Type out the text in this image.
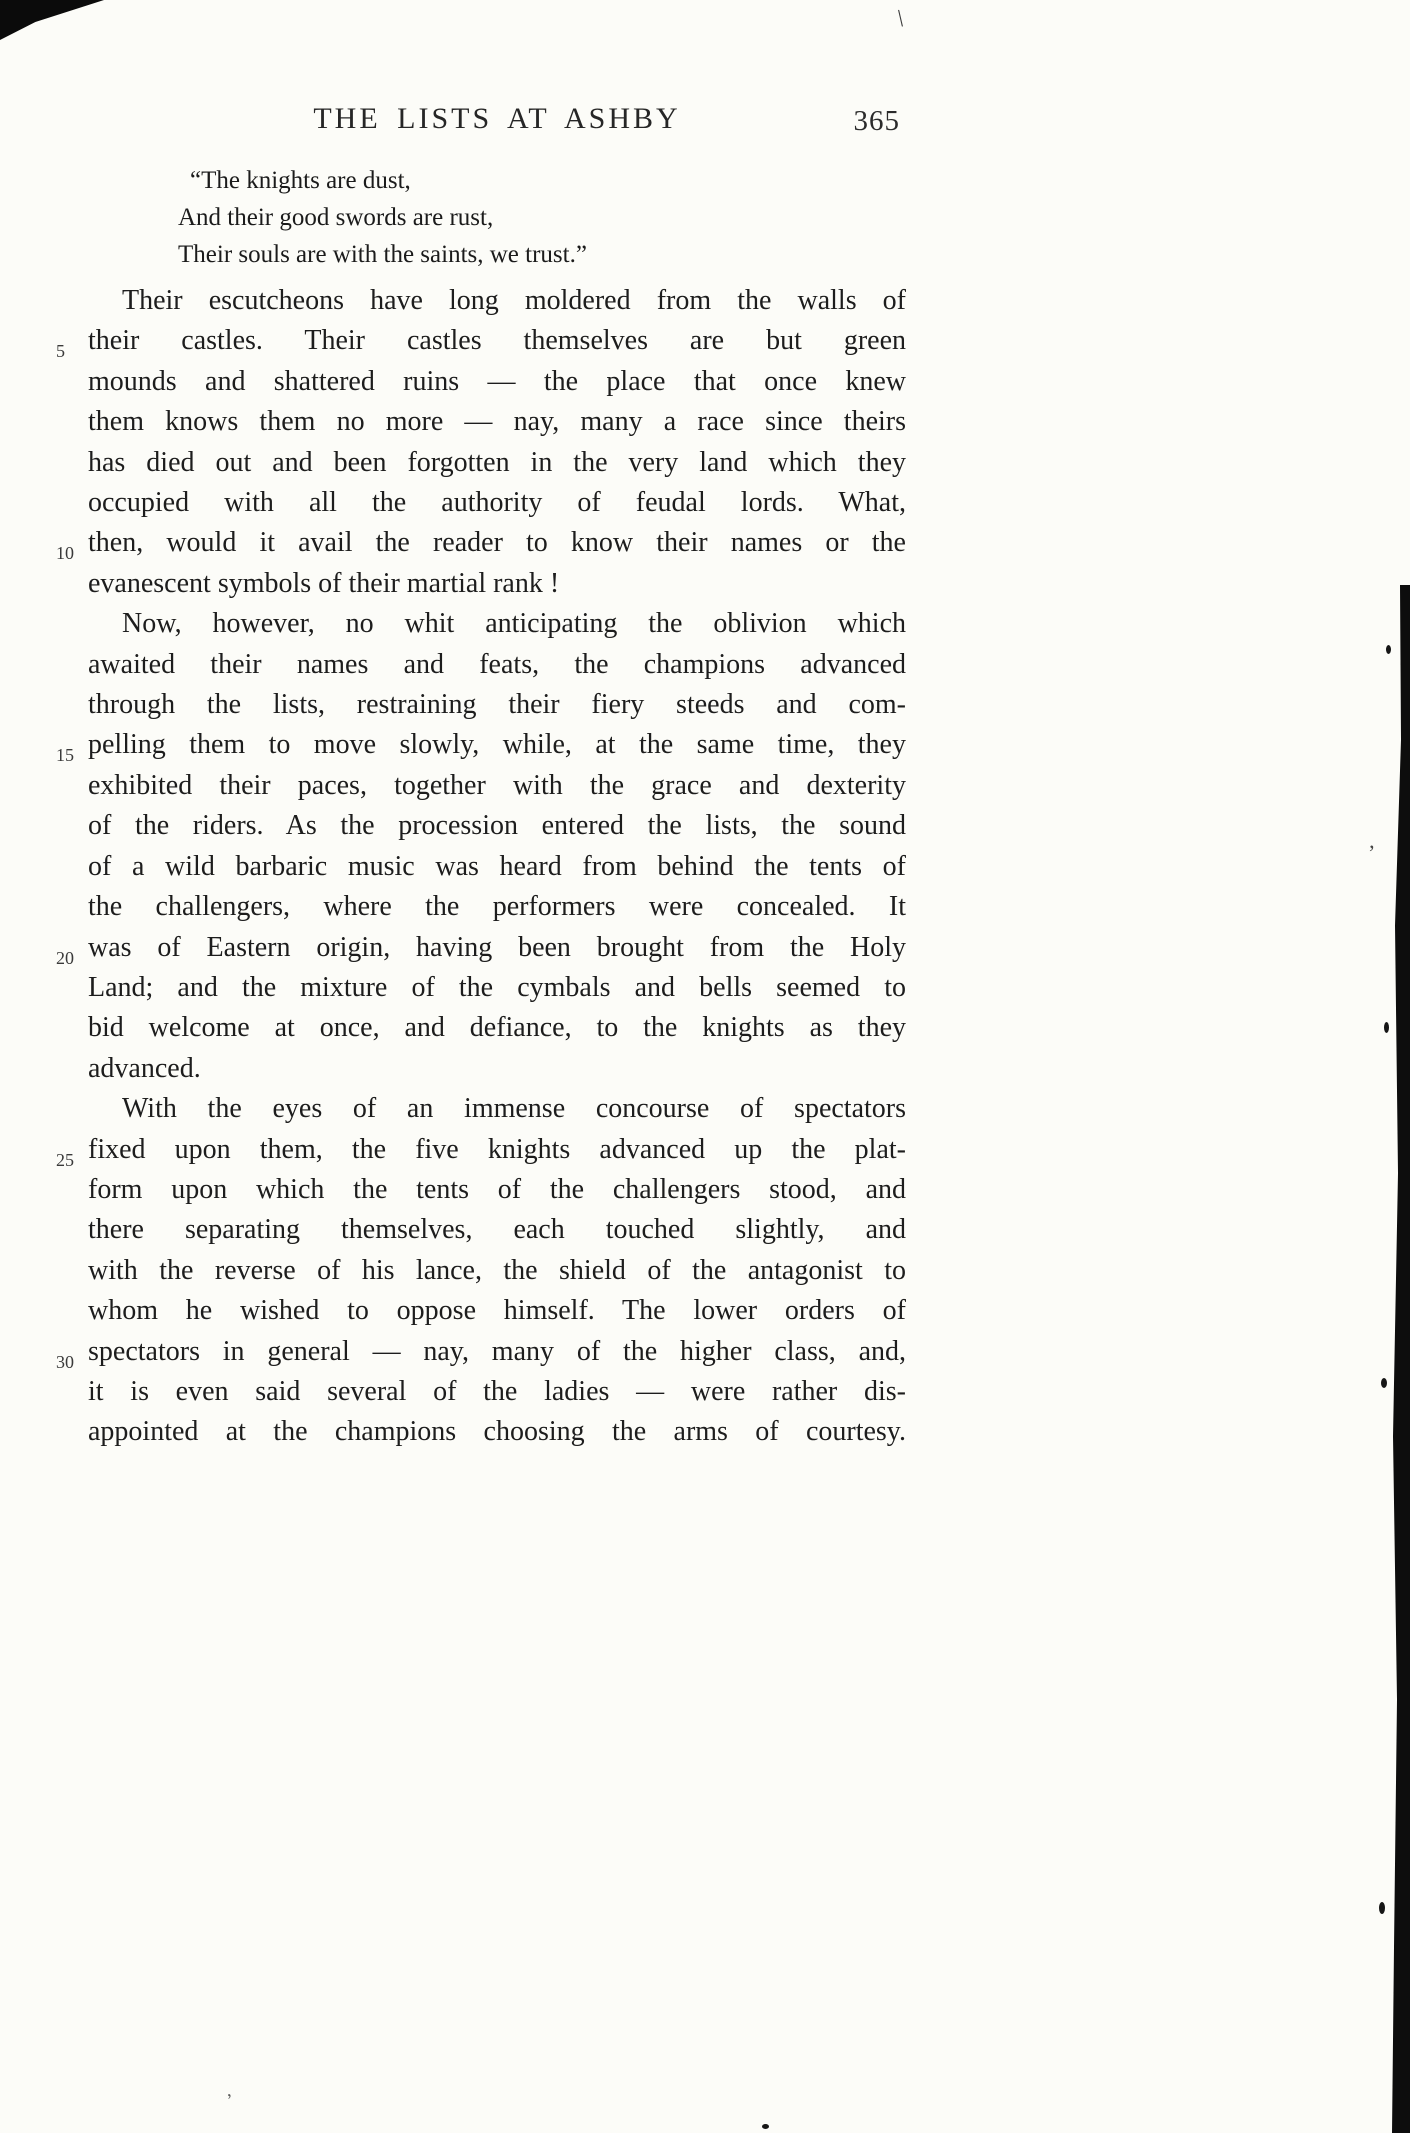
\
THE LISTS AT ASHBY	365
“The knights are dust,
And their good swords are rust,
Their souls are with the saints, we trust.”
Their escutcheons have long moldered from the walls of
5 their castles. Their castles themselves are but green
mounds and shattered ruins — the place that once knew
them knows them no more — nay, many a race since theirs
has died out and been forgotten in the very land which they
occupied with all the authority of feudal lords. What,
10 then, would it avail the reader to know their names or the
evanescent symbols of their martial rank !
Now, however, no whit anticipating the oblivion which
awaited their names and feats, the champions advanced
through the lists, restraining their fiery steeds and com-
15 pelling them to move slowly, while, at the same time, they
exhibited their paces, together with the grace and dexterity
of the riders. As the procession entered the lists, the sound
of a wild barbaric music was heard from behind the tents of
the challengers, where the performers were concealed. It
20 was of Eastern origin, having been brought from the Holy
Land; and the mixture of the cymbals and bells seemed to
bid welcome at once, and defiance, to the knights as they
advanced.
With the eyes of an immense concourse of spectators
25 fixed upon them, the five knights advanced up the plat-
form upon which the tents of the challengers stood, and
there separating themselves, each touched slightly, and
with the reverse of his lance, the shield of the antagonist to
whom he wished to oppose himself. The lower orders of
30 spectators in general — nay, many of the higher class, and,
it is even said several of the ladies — were rather dis-
appointed at the champions choosing the arms of courtesy.
’
,
